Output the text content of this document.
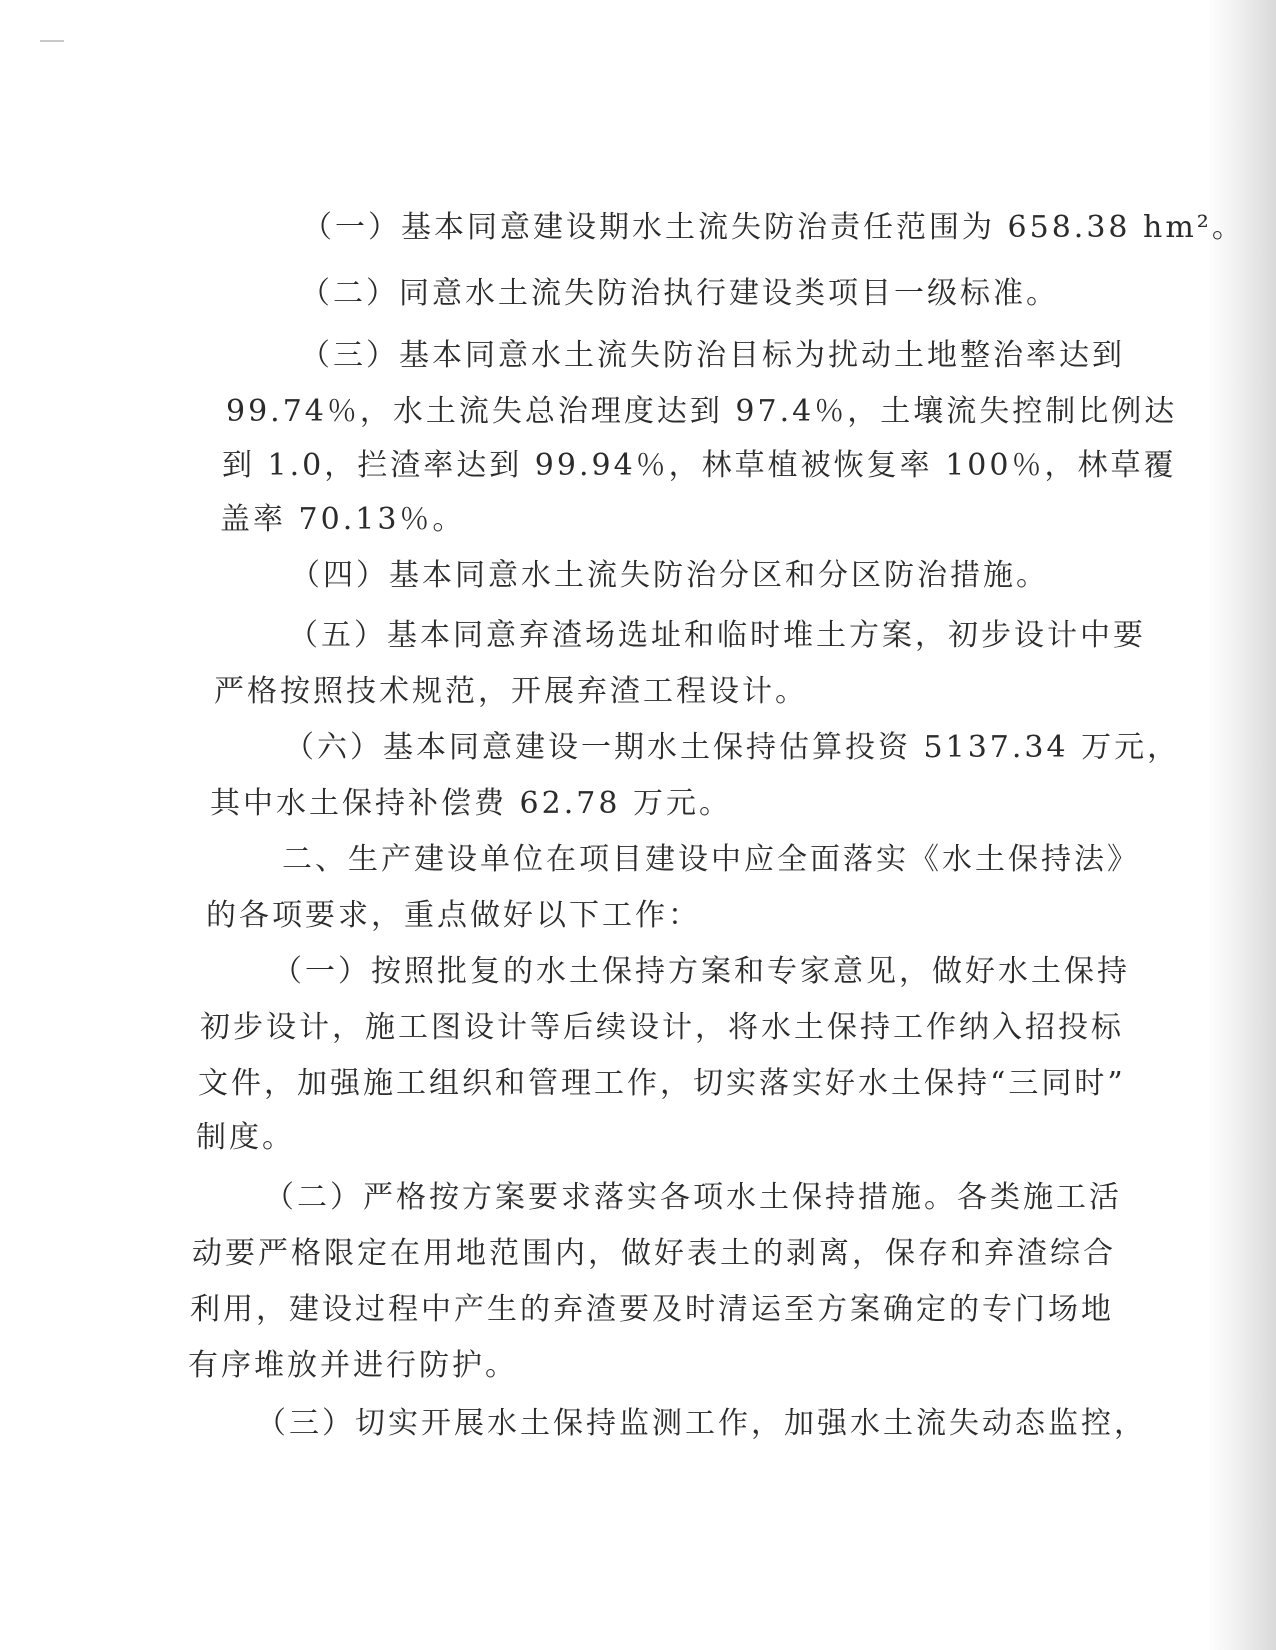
（一）基本同意建设期水土流失防治责任范围为 658.38 hm²。
（二）同意水土流失防治执行建设类项目一级标准。
（三）基本同意水土流失防治目标为扰动土地整治率达到
99.74％，水土流失总治理度达到 97.4％，土壤流失控制比例达
到 1.0，拦渣率达到 99.94％，林草植被恢复率 100％，林草覆
盖率 70.13％。
（四）基本同意水土流失防治分区和分区防治措施。
（五）基本同意弃渣场选址和临时堆土方案，初步设计中要
严格按照技术规范，开展弃渣工程设计。
（六）基本同意建设一期水土保持估算投资 5137.34 万元，
其中水土保持补偿费 62.78 万元。
二、生产建设单位在项目建设中应全面落实《水土保持法》
的各项要求，重点做好以下工作：
（一）按照批复的水土保持方案和专家意见，做好水土保持
初步设计，施工图设计等后续设计，将水土保持工作纳入招投标
文件，加强施工组织和管理工作，切实落实好水土保持“三同时”
制度。
（二）严格按方案要求落实各项水土保持措施。各类施工活
动要严格限定在用地范围内，做好表土的剥离，保存和弃渣综合
利用，建设过程中产生的弃渣要及时清运至方案确定的专门场地
有序堆放并进行防护。
（三）切实开展水土保持监测工作，加强水土流失动态监控，
